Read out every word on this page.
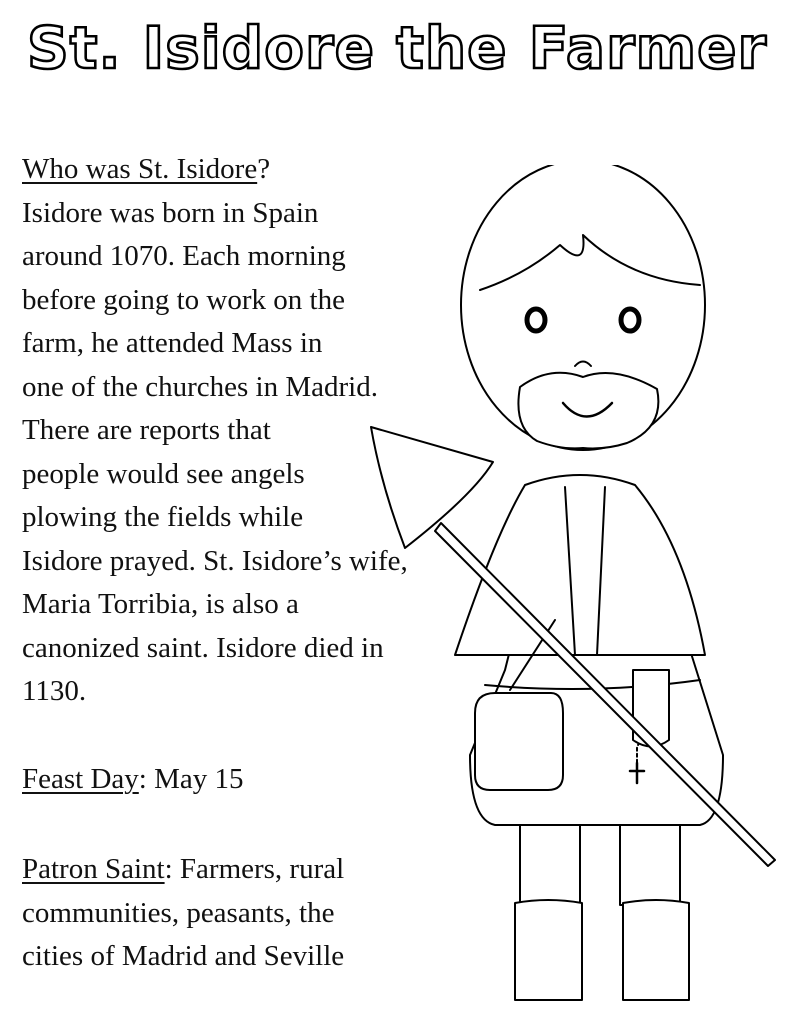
St. Isidore the Farmer

Who was St. Isidore?

Isidore was born in Spain

around 1070. Each morning

before going to work on the

farm, he attended Mass in

one of the churches in Madrid.

There are reports that

people would see angels

plowing the fields while

Isidore prayed. St. Isidore’s wife,

Maria Torribia, is also a

canonized saint. Isidore died in

1130.

Feast Day: May 15

Patron Saint: Farmers, rural

communities, peasants, the

cities of Madrid and Seville
